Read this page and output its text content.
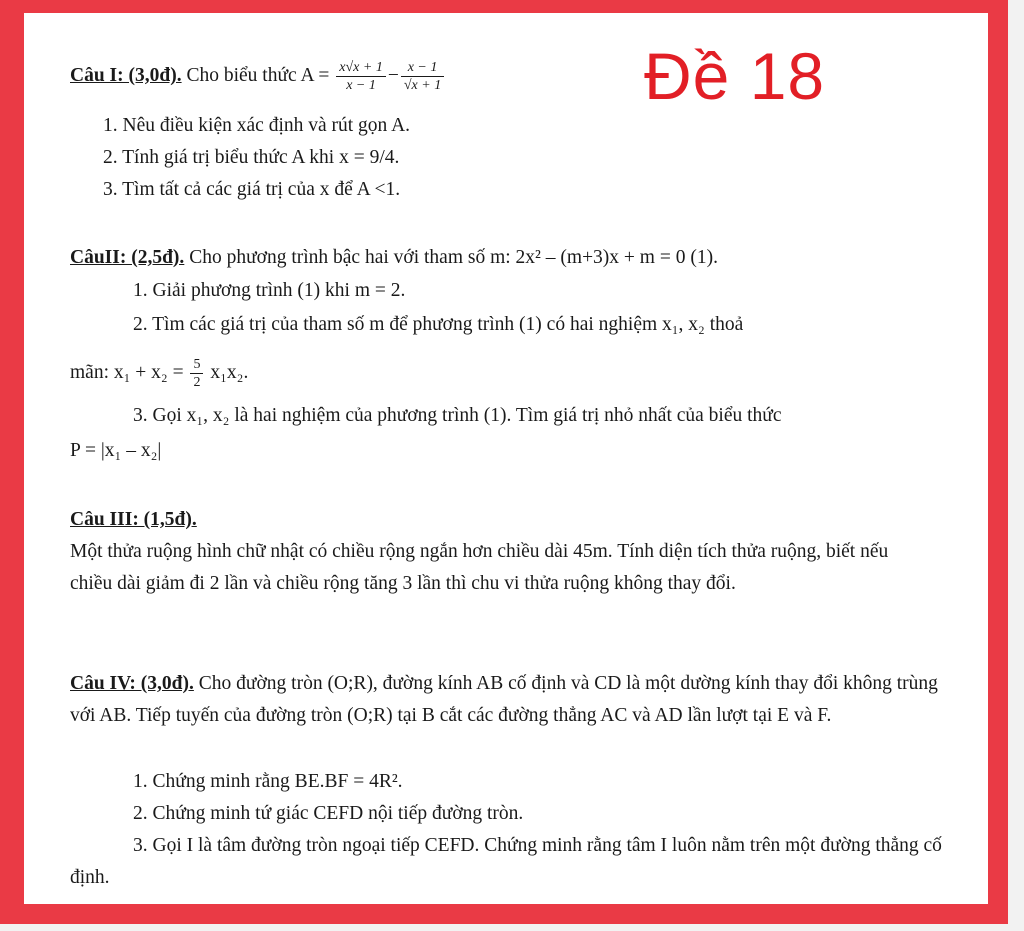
Đề 18
Câu I: (3,0đ). Cho biểu thức $A = \frac{x√x + 1}{x - 1} - \frac{x - 1}{√x + 1}$
1. Nêu điều kiện xác định và rút gọn A.
2. Tính giá trị biểu thức A khi x = 9/4.
3. Tìm tất cả các giá trị của x để A <1.
CâuII: (2,5đ). Cho phương trình bậc hai với tham số m: 2x² – (m+3)x + m = 0 (1).
1. Giải phương trình (1) khi m = 2.
2. Tìm các giá trị của tham số m để phương trình (1) có hai nghiệm x₁, x₂ thoả
mãn: $x_1 + x_2 = \frac{5}{2} x_1x_2$.
3. Gọi x₁, x₂ là hai nghiệm của phương trình (1). Tìm giá trị nhỏ nhất của biểu thức
P = |x₁ – x₂|
Câu III: (1,5đ).
Một thửa ruộng hình chữ nhật có chiều rộng ngắn hơn chiều dài 45m. Tính diện tích thửa ruộng, biết nếu chiều dài giảm đi 2 lần và chiều rộng tăng 3 lần thì chu vi thửa ruộng không thay đổi.
Câu IV: (3,0đ). Cho đường tròn (O;R), đường kính AB cố định và CD là một dường kính thay đổi không trùng với AB. Tiếp tuyến của đường tròn (O;R) tại B cắt các đường thẳng AC và AD lần lượt tại E và F.
1. Chứng minh rằng BE.BF = 4R².
2. Chứng minh tứ giác CEFD nội tiếp đường tròn.
3. Gọi I là tâm đường tròn ngoại tiếp CEFD. Chứng minh rằng tâm I luôn nằm trên một đường thẳng cố định.
